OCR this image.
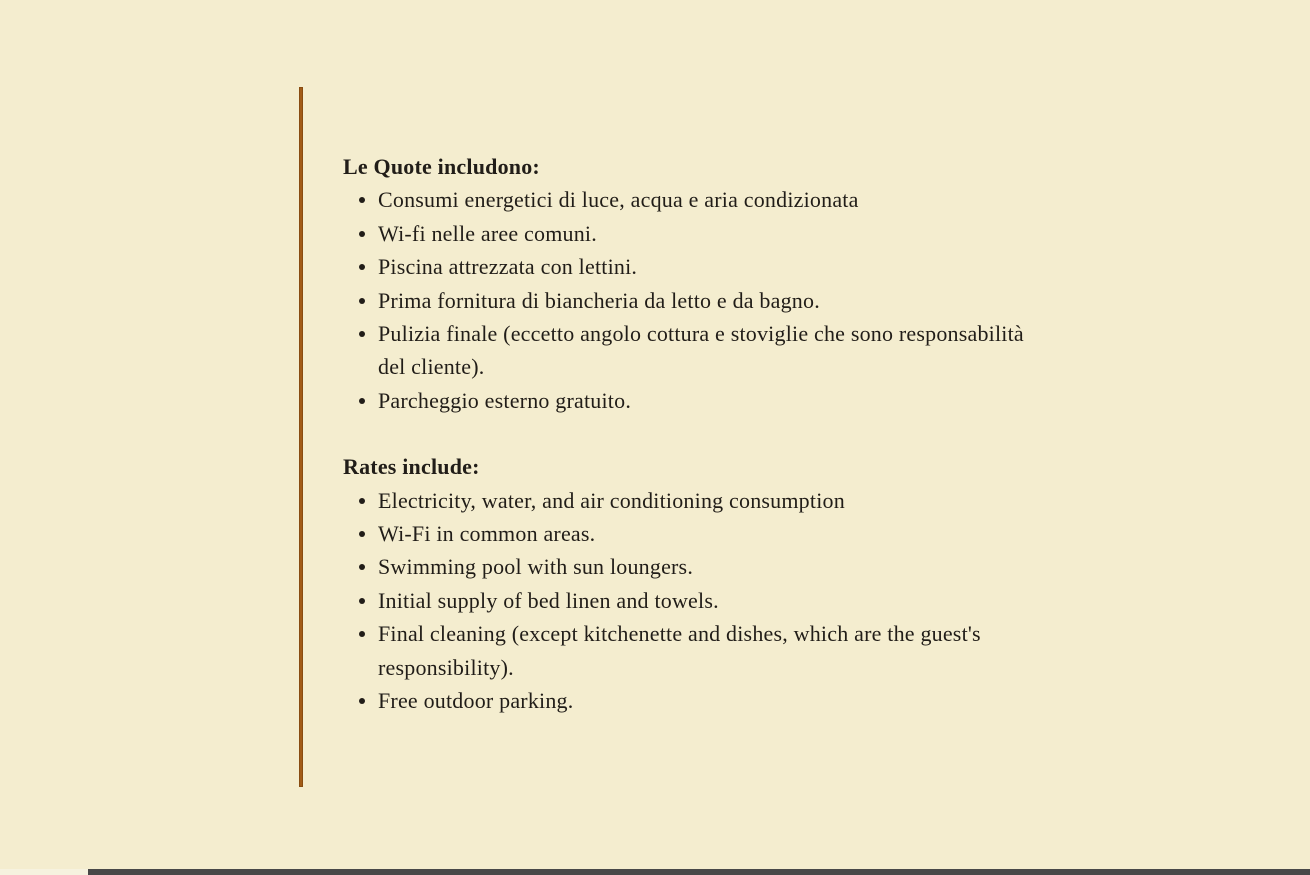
Le Quote includono:
Consumi energetici di luce, acqua e aria condizionata
Wi-fi nelle aree comuni.
Piscina attrezzata con lettini.
Prima fornitura di biancheria da letto e da bagno.
Pulizia finale (eccetto angolo cottura e stoviglie che sono responsabilità del cliente).
Parcheggio esterno gratuito.
Rates include:
Electricity, water, and air conditioning consumption
Wi-Fi in common areas.
Swimming pool with sun loungers.
Initial supply of bed linen and towels.
Final cleaning (except kitchenette and dishes, which are the guest's responsibility).
Free outdoor parking.
